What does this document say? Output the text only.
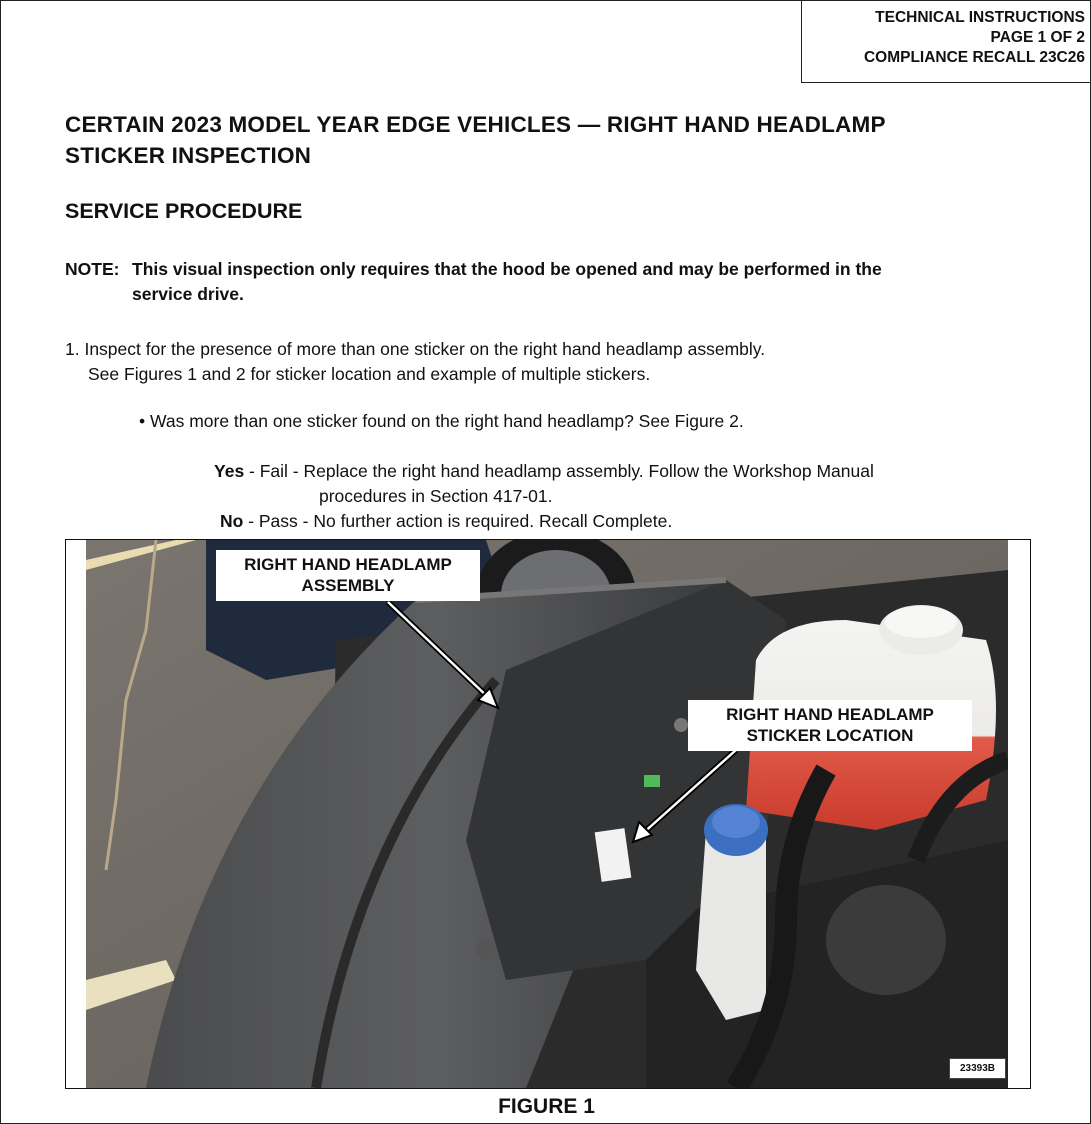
TECHNICAL INSTRUCTIONS
PAGE 1 OF 2
COMPLIANCE RECALL 23C26
CERTAIN 2023 MODEL YEAR EDGE VEHICLES — RIGHT HAND HEADLAMP
STICKER INSPECTION
SERVICE PROCEDURE
NOTE: This visual inspection only requires that the hood be opened and may be performed in the
service drive.
1. Inspect for the presence of more than one sticker on the right hand headlamp assembly.
See Figures 1 and 2 for sticker location and example of multiple stickers.
• Was more than one sticker found on the right hand headlamp? See Figure 2.
Yes - Fail - Replace the right hand headlamp assembly. Follow the Workshop Manual
procedures in Section 417-01.
No - Pass - No further action is required. Recall Complete.
RIGHT HAND HEADLAMP
ASSEMBLY
RIGHT HAND HEADLAMP
STICKER LOCATION
23393B
FIGURE 1
